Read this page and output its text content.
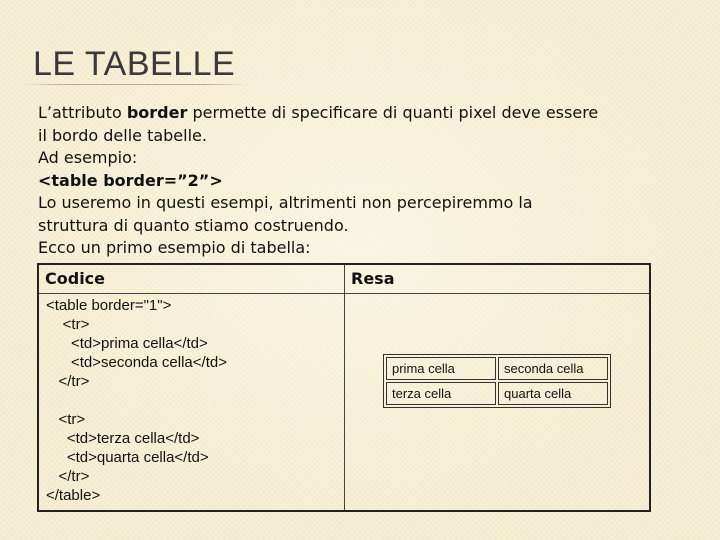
LE TABELLE

L’attributo border permette di specificare di quanti pixel deve essere

il bordo delle tabelle.

Ad esempio:

<table border=”2”>

Lo useremo in questi esempi, altrimenti non percepiremmo la

struttura di quanto stiamo costruendo.

Ecco un primo esempio di tabella:

Codice	Resa
<table border="1">
<tr>
<td>prima cella</td>
<td>seconda cella</td>
</tr>

<tr>
<td>terza cella</td>
<td>quarta cella</td>
</tr>
</table>
prima cella	seconda cella
terza cella	quarta cella
